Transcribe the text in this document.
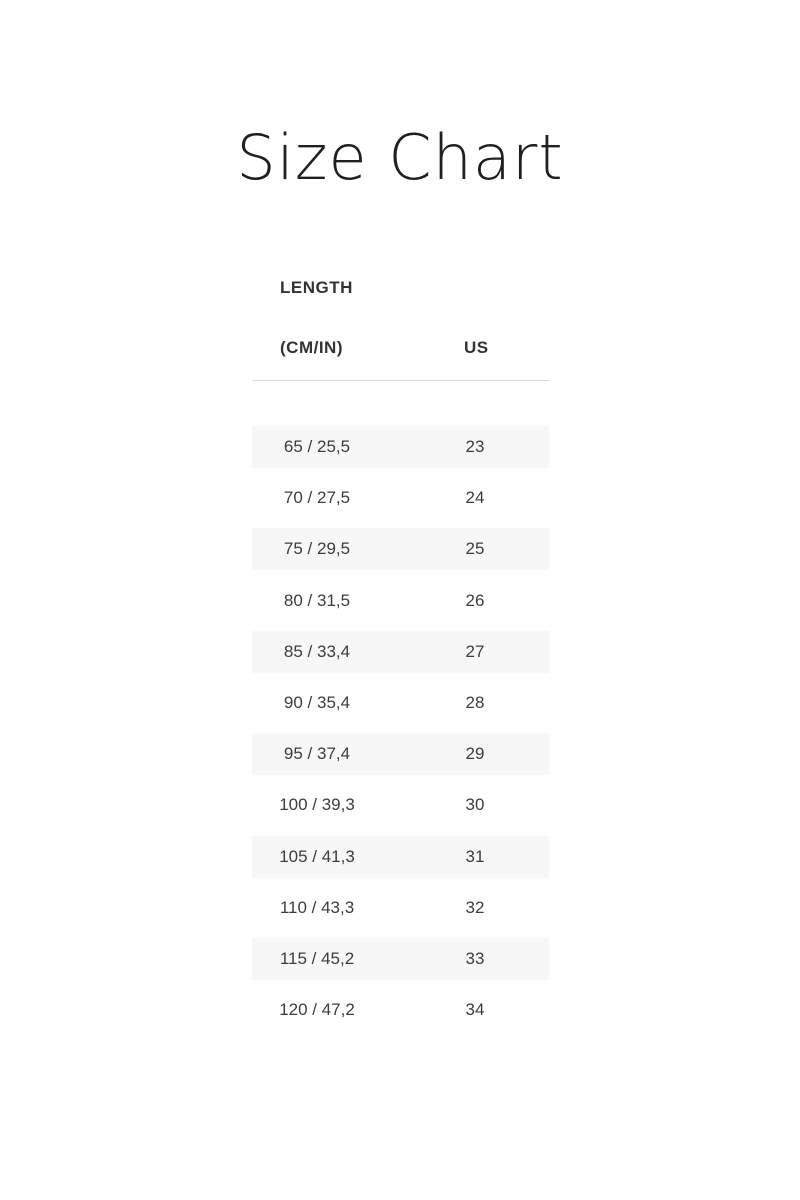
Size Chart
LENGTH
(CM/IN)	US
65 / 25,5	23
70 / 27,5	24
75 / 29,5	25
80 / 31,5	26
85 / 33,4	27
90 / 35,4	28
95 / 37,4	29
100 / 39,3	30
105 / 41,3	31
110 / 43,3	32
115 / 45,2	33
120 / 47,2	34
